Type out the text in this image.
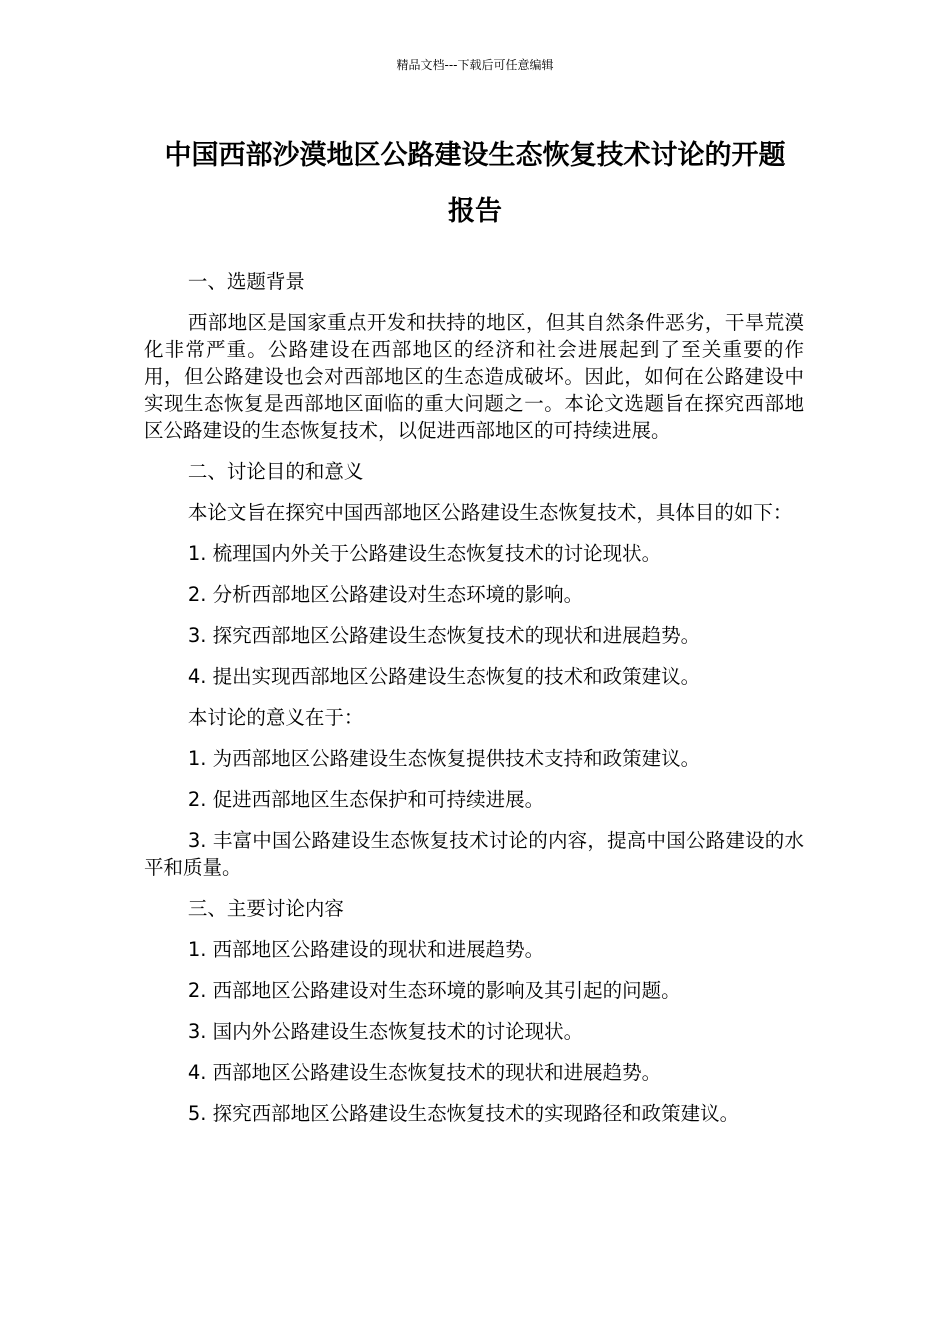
精品文档---下载后可任意编辑
中国西部沙漠地区公路建设生态恢复技术讨论的开题
报告

一、选题背景

西部地区是国家重点开发和扶持的地区，但其自然条件恶劣，干旱荒漠化非常严重。公路建设在西部地区的经济和社会进展起到了至关重要的作用，但公路建设也会对西部地区的生态造成破坏。因此，如何在公路建设中实现生态恢复是西部地区面临的重大问题之一。本论文选题旨在探究西部地区公路建设的生态恢复技术，以促进西部地区的可持续进展。

二、讨论目的和意义

本论文旨在探究中国西部地区公路建设生态恢复技术，具体目的如下：

1. 梳理国内外关于公路建设生态恢复技术的讨论现状。

2. 分析西部地区公路建设对生态环境的影响。

3. 探究西部地区公路建设生态恢复技术的现状和进展趋势。

4. 提出实现西部地区公路建设生态恢复的技术和政策建议。

本讨论的意义在于：

1. 为西部地区公路建设生态恢复提供技术支持和政策建议。

2. 促进西部地区生态保护和可持续进展。

3. 丰富中国公路建设生态恢复技术讨论的内容，提高中国公路建设的水平和质量。

三、主要讨论内容

1. 西部地区公路建设的现状和进展趋势。

2. 西部地区公路建设对生态环境的影响及其引起的问题。

3. 国内外公路建设生态恢复技术的讨论现状。

4. 西部地区公路建设生态恢复技术的现状和进展趋势。

5. 探究西部地区公路建设生态恢复技术的实现路径和政策建议。
